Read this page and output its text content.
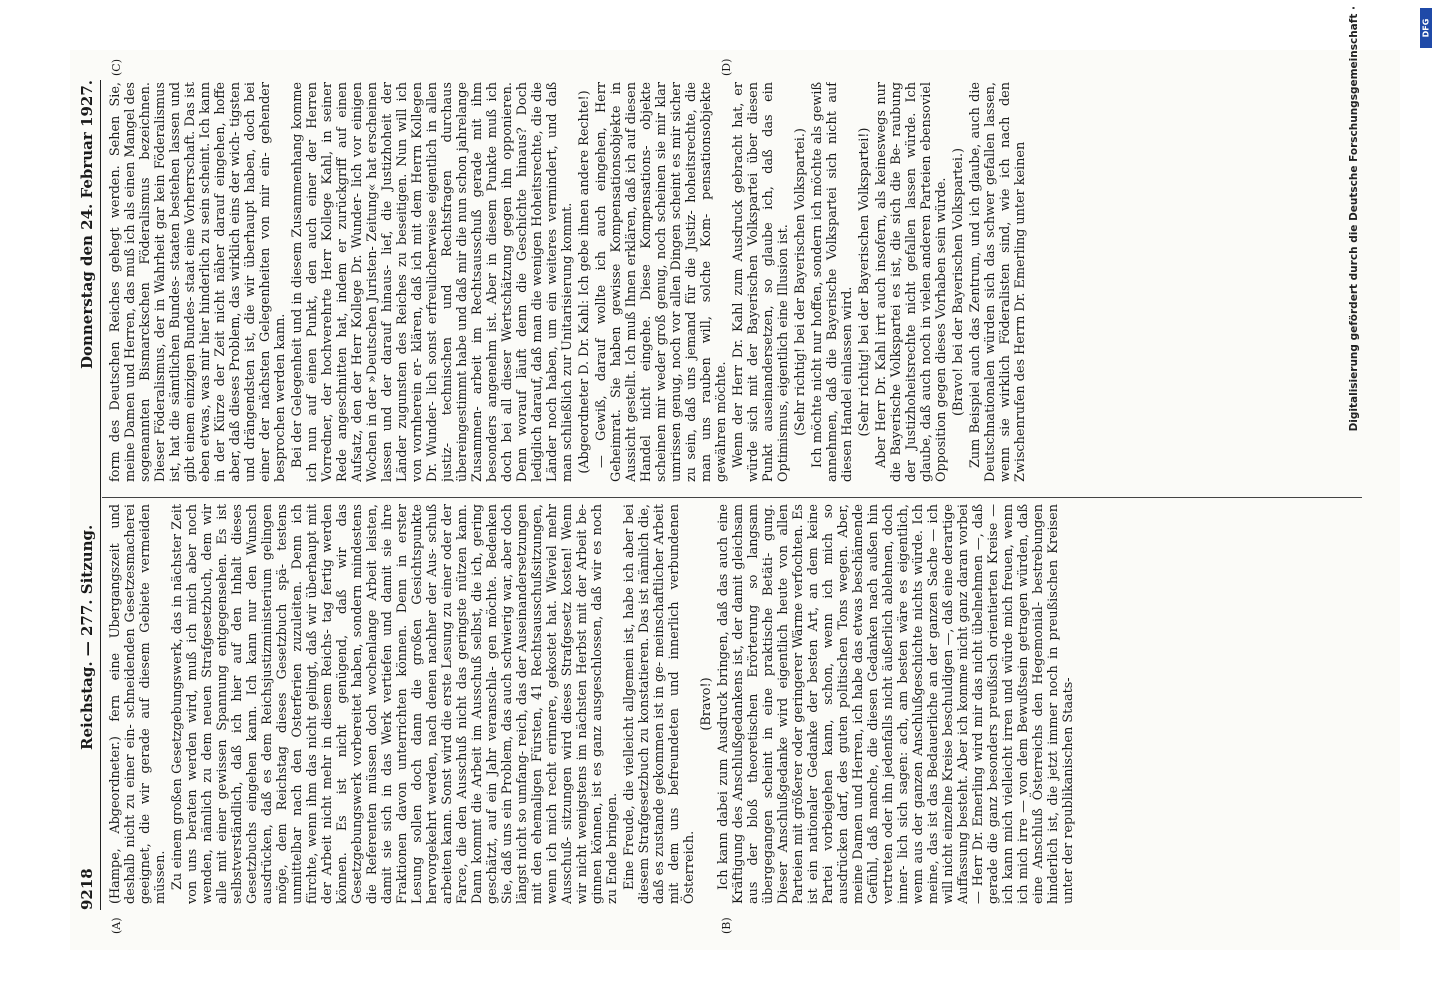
9218
Reichstag. — 277. Sitzung.
Donnerstag den 24. Februar 1927.
(A)	(B)
(C)	(D)

(Hampe, Abgeordneter.) fern eine Übergangszeit und deshalb nicht zu einer ein- schneidenden Gesetzesmacherei geeignet, die wir gerade auf diesem Gebiete vermeiden müssen. Zu einem großen Gesetzgebungswerk, das in nächster Zeit von uns beraten werden wird, muß ich mich aber noch wenden, nämlich zu dem neuen Strafgesetzbuch, dem wir alle mit einer gewissen Spannung entgegensehen. Es ist selbstverständlich, daß ich hier auf den Inhalt dieses Gesetzbuchs eingehen kann. Ich kann nur den Wunsch ausdrücken, daß es dem Reichsjustizministerium gelingen möge, dem Reichstag dieses Gesetzbuch spä- testens unmittelbar nach den Osterferien zuzuleiten. Denn ich fürchte, wenn ihm das nicht gelingt, daß wir überhaupt mit der Arbeit nicht mehr in diesem Reichs- tag fertig werden können. Es ist nicht genügend, daß wir das Gesetzgebungswerk vorbereitet haben, sondern mindestens die Referenten müssen doch wochenlange Arbeit leisten, damit sie sich in das Werk vertiefen und damit sie ihre Fraktionen davon unterrichten können. Denn in erster Lesung sollen doch dann die großen Gesichtspunkte hervorgekehrt werden, nach denen nachher der Aus- schuß arbeiten kann. Sonst wird die erste Lesung zu einer oder der Farce, die den Ausschuß nicht das geringste nützen kann. Dann kommt die Arbeit im Ausschuß selbst, die ich, gering geschätzt, auf ein Jahr veranschla- gen möchte. Bedenken Sie, daß uns ein Problem, das auch schwierig war, aber doch längst nicht so umfang- reich, das der Auseinandersetzungen mit den ehemaligen Fürsten, 41 Rechtsausschußsitzungen, wenn ich mich recht erinnere, gekostet hat. Wieviel mehr Ausschuß- sitzungen wird dieses Strafgesetz kosten! Wenn wir nicht wenigstens im nächsten Herbst mit der Arbeit be- ginnen können, ist es ganz ausgeschlossen, daß wir es noch zu Ende bringen. Eine Freude, die vielleicht allgemein ist, habe ich aber bei diesem Strafgesetzbuch zu konstatieren. Das ist nämlich die, daß es zustande gekommen ist in ge- meinschaftlicher Arbeit mit dem uns befreundeten und innerlich verbundenen Österreich.

(Bravo!) Ich kann dabei zum Ausdruck bringen, daß das auch eine Kräftigung des Anschlußgedankens ist, der damit gleichsam aus der bloß theoretischen Erörterung so langsam übergegangen scheint in eine praktische Betäti- gung. Dieser Anschlußgedanke wird eigentlich heute von allen Parteien mit größerer oder geringerer Wärme verfochten. Es ist ein nationaler Gedanke der besten Art, an dem keine Partei vorbeigehen kann, schon, wenn ich mich so ausdrücken darf, des guten politischen Tons wegen. Aber, meine Damen und Herren, ich habe das etwas beschämende Gefühl, daß manche, die diesen Gedanken nach außen hin vertreten oder ihn jedenfalls nicht äußerlich ablehnen, doch inner- lich sich sagen: ach, am besten wäre es eigentlich, wenn aus der ganzen Anschlußgeschichte nichts würde. Ich meine, das ist das Bedauerliche an der ganzen Sache — ich will nicht einzelne Kreise beschuldigen —, daß eine derartige Auffassung besteht. Aber ich komme nicht ganz daran vorbei — Herr Dr. Emerling wird mir das nicht übelnehmen —, daß gerade die ganz besonders preußisch orientierten Kreise — ich kann mich vielleicht irren und würde mich freuen, wenn ich mich irre — von dem Bewußtsein getragen würden, daß eine Anschluß Österreichs den Hegemonial- bestrebungen hinderlich ist, die jetzt immer noch in preußischen Kreisen unter der republikanischen Staats-

form des Deutschen Reiches gehegt werden. Sehen Sie, meine Damen und Herren, das muß ich als einen Mangel des sogenannten Bismarckschen Föderalismus bezeichnen. Dieser Föderalismus, der in Wahrheit gar kein Föderalismus ist, hat die sämtlichen Bundes- staaten bestehen lassen und gibt einem einzigen Bundes- staat eine Vorherrschaft. Das ist eben etwas, was mir hier hinderlich zu sein scheint. Ich kann in der Kürze der Zeit nicht näher darauf eingehen, hoffe aber, daß dieses Problem, das wirklich eins der wich- tigsten und drängendsten ist, die wir überhaupt haben, doch bei einer der nächsten Gelegenheiten von mir ein- gehender besprochen werden kann. Bei der Gelegenheit und in diesem Zusammenhang komme ich nun auf einen Punkt, den auch einer der Herren Vorredner, der hochverehrte Herr Kollege Kahl, in seiner Rede angeschnitten hat, indem er zurückgriff auf einen Aufsatz, den der Herr Kollege Dr. Wunder- lich vor einigen Wochen in der »Deutschen Juristen- Zeitung« hat erscheinen lassen und der darauf hinaus- lief, die Justizhoheit der Länder zugunsten des Reiches zu beseitigen. Nun will ich von vornherein er- klären, daß ich mit dem Herrn Kollegen Dr. Wunder- lich sonst erfreulicherweise eigentlich in allen justiz- technischen und Rechtsfragen durchaus übereingestimmt habe und daß mir die nun schon jahrelange Zusammen- arbeit im Rechtsausschuß gerade mit ihm besonders angenehm ist. Aber in diesem Punkte muß ich doch bei all dieser Wertschätzung gegen ihn opponieren. Denn worauf läuft denn die Geschichte hinaus? Doch lediglich darauf, daß man die wenigen Hoheitsrechte, die die Länder noch haben, um ein weiteres vermindert, und daß man schließlich zur Unitarisierung kommt. (Abgeordneter D. Dr. Kahl: Ich gebe ihnen andere Rechte!) — Gewiß, darauf wollte ich auch eingehen, Herr Geheimrat. Sie haben gewisse Kompensationsobjekte in Aussicht gestellt. Ich muß Ihnen erklären, daß ich auf diesen Handel nicht eingehe. Diese Kompensations- objekte scheinen mir weder groß genug, noch scheinen sie mir klar umrissen genug, noch vor allen Dingen scheint es mir sicher zu sein, daß uns jemand für die Justiz- hoheitsrechte, die man uns rauben will, solche Kom- pensationsobjekte gewähren möchte. Wenn der Herr Dr. Kahl zum Ausdruck gebracht hat, er würde sich mit der Bayerischen Volkspartei über diesen Punkt auseinandersetzen, so glaube ich, daß das ein Optimismus, eigentlich eine Illusion ist. (Sehr richtig! bei der Bayerischen Volkspartei.) Ich möchte nicht nur hoffen, sondern ich möchte als gewiß annehmen, daß die Bayerische Volkspartei sich nicht auf diesen Handel einlassen wird. (Sehr richtig! bei der Bayerischen Volkspartei!) Aber Herr Dr. Kahl irrt auch insofern, als keineswegs nur die Bayerische Volkspartei es ist, die sich die Be- raubung der Justizhoheitsrechte nicht gefallen lassen würde. Ich glaube, daß auch noch in vielen anderen Parteien ebensoviel Opposition gegen dieses Vorhaben sein würde. (Bravo! bei der Bayerischen Volkspartei.) Zum Beispiel auch das Zentrum, und ich glaube, auch die Deutschnationalen würden sich das schwer gefallen lassen, wenn sie wirklich Föderalisten sind, wie ich nach den Zwischenrufen des Herrn Dr. Emerling unter keinen	Digitalisierung gefördert durch die Deutsche Forschungsgemeinschaft ·	DFG
